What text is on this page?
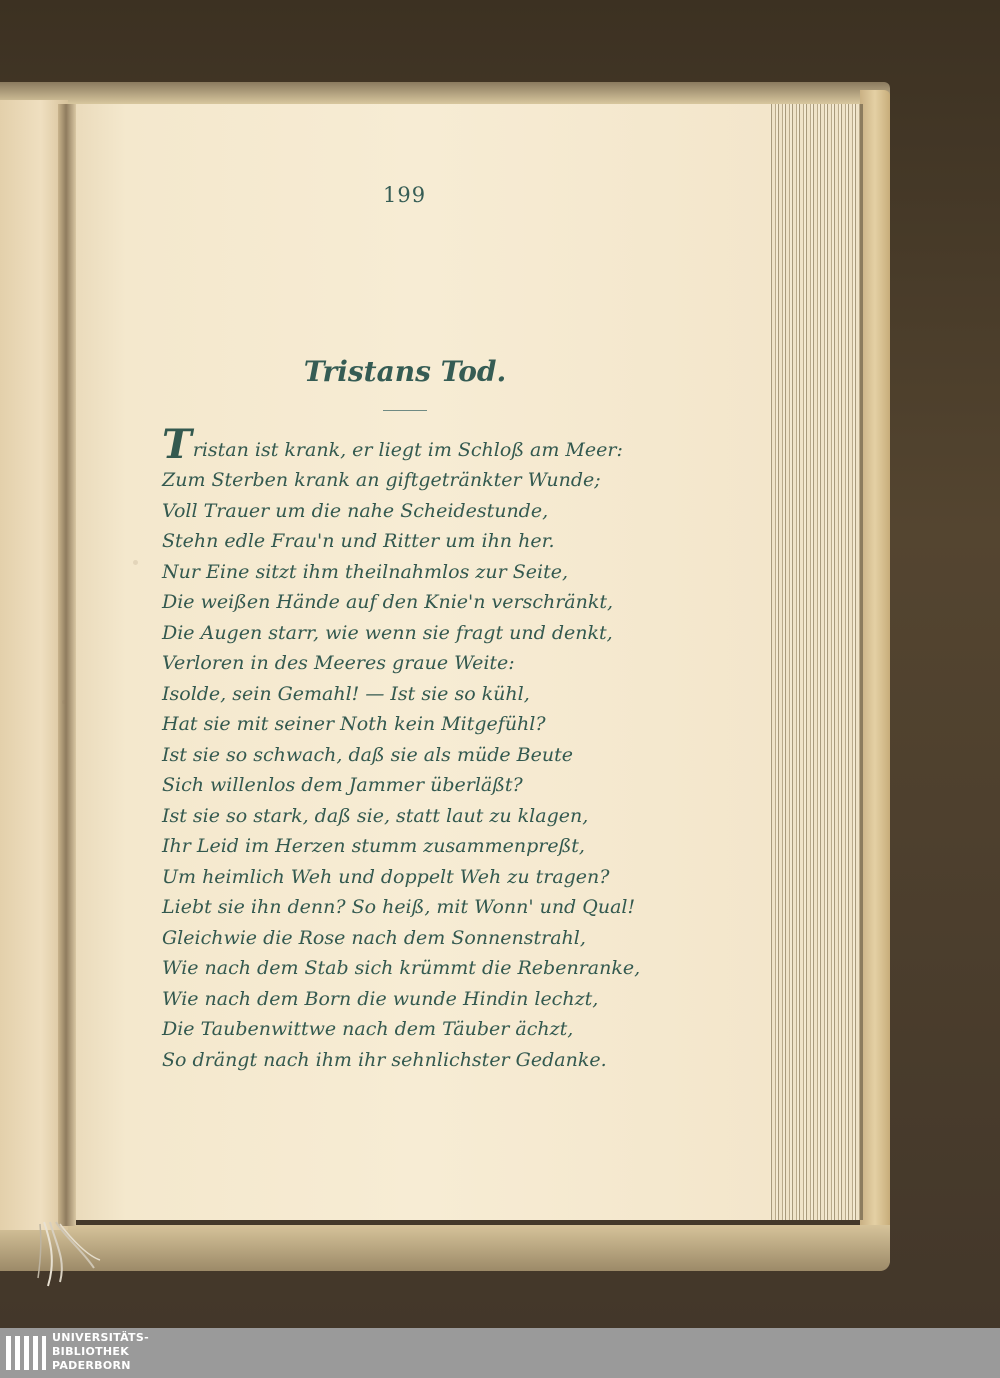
199
Tristans Tod.
Tristan ist krank, er liegt im Schloß am Meer:
Zum Sterben krank an giftgetränkter Wunde;
Voll Trauer um die nahe Scheidestunde,
Stehn edle Frau'n und Ritter um ihn her.
Nur Eine sitzt ihm theilnahmlos zur Seite,
Die weißen Hände auf den Knie'n verschränkt,
Die Augen starr, wie wenn sie fragt und denkt,
Verloren in des Meeres graue Weite:
Isolde, sein Gemahl! — Ist sie so kühl,
Hat sie mit seiner Noth kein Mitgefühl?
Ist sie so schwach, daß sie als müde Beute
Sich willenlos dem Jammer überläßt?
Ist sie so stark, daß sie, statt laut zu klagen,
Ihr Leid im Herzen stumm zusammenpreßt,
Um heimlich Weh und doppelt Weh zu tragen?
Liebt sie ihn denn? So heiß, mit Wonn' und Qual!
Gleichwie die Rose nach dem Sonnenstrahl,
Wie nach dem Stab sich krümmt die Rebenranke,
Wie nach dem Born die wunde Hindin lechzt,
Die Taubenwittwe nach dem Täuber ächzt,
So drängt nach ihm ihr sehnlichster Gedanke.
UNIVERSITÄTS-
BIBLIOTHEK
PADERBORN
